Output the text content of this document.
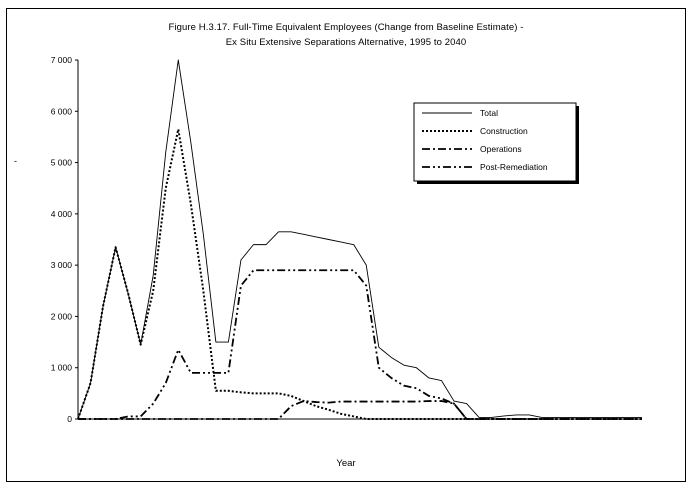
Figure H.3.17. Full-Time Equivalent Employees (Change from Baseline Estimate) -
Ex Situ Extensive Separations Alternative, 1995 to 2040
-
Year
0
1 000
2 000
3 000
4 000
5 000
6 000
7 000
Total
Construction
Operations
Post-Remediation
